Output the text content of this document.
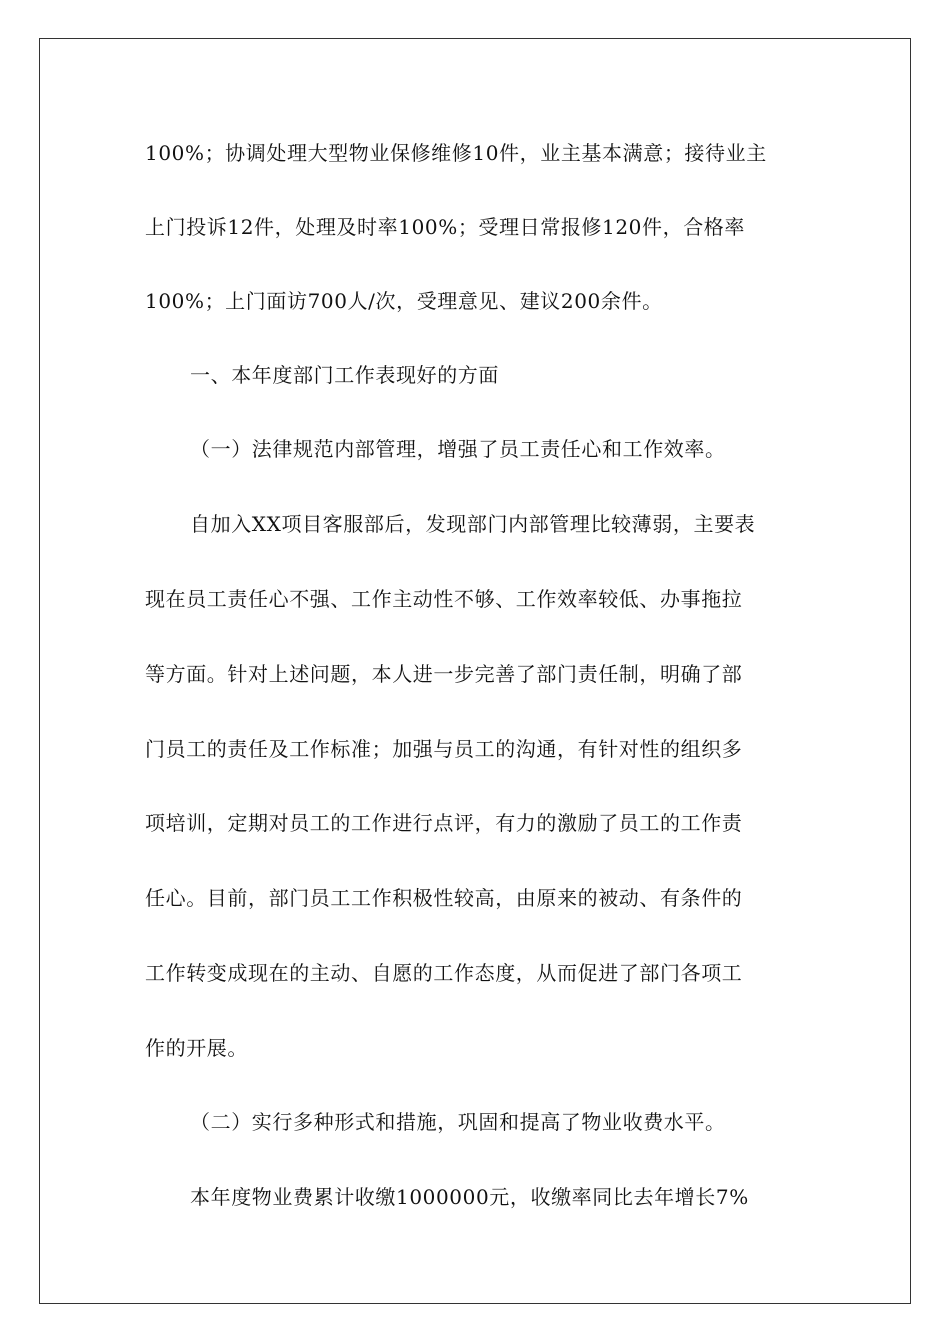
100%；协调处理大型物业保修维修10件，业主基本满意；接待业主
上门投诉12件，处理及时率100%；受理日常报修120件，合格率
100%；上门面访700人/次，受理意见、建议200余件。
一、本年度部门工作表现好的方面
（一）法律规范内部管理，增强了员工责任心和工作效率。
自加入XX项目客服部后，发现部门内部管理比较薄弱，主要表
现在员工责任心不强、工作主动性不够、工作效率较低、办事拖拉
等方面。针对上述问题，本人进一步完善了部门责任制，明确了部
门员工的责任及工作标准；加强与员工的沟通，有针对性的组织多
项培训，定期对员工的工作进行点评，有力的激励了员工的工作责
任心。目前，部门员工工作积极性较高，由原来的被动、有条件的
工作转变成现在的主动、自愿的工作态度，从而促进了部门各项工
作的开展。
（二）实行多种形式和措施，巩固和提高了物业收费水平。
本年度物业费累计收缴1000000元，收缴率同比去年增长7%
